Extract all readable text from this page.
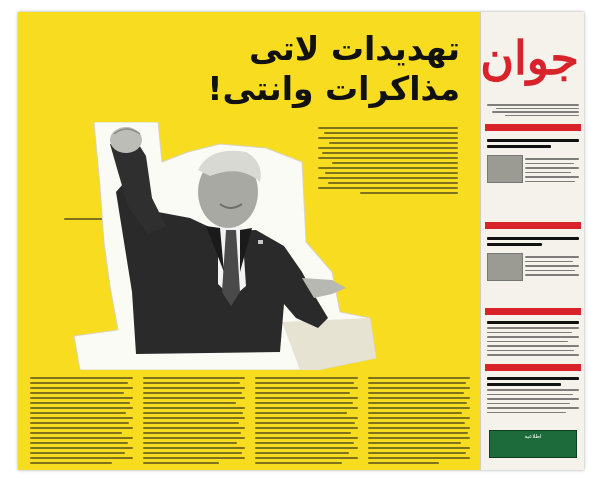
تهدیدات لاتی
مذاکرات وانتی!
جوان
اطلاعیه
